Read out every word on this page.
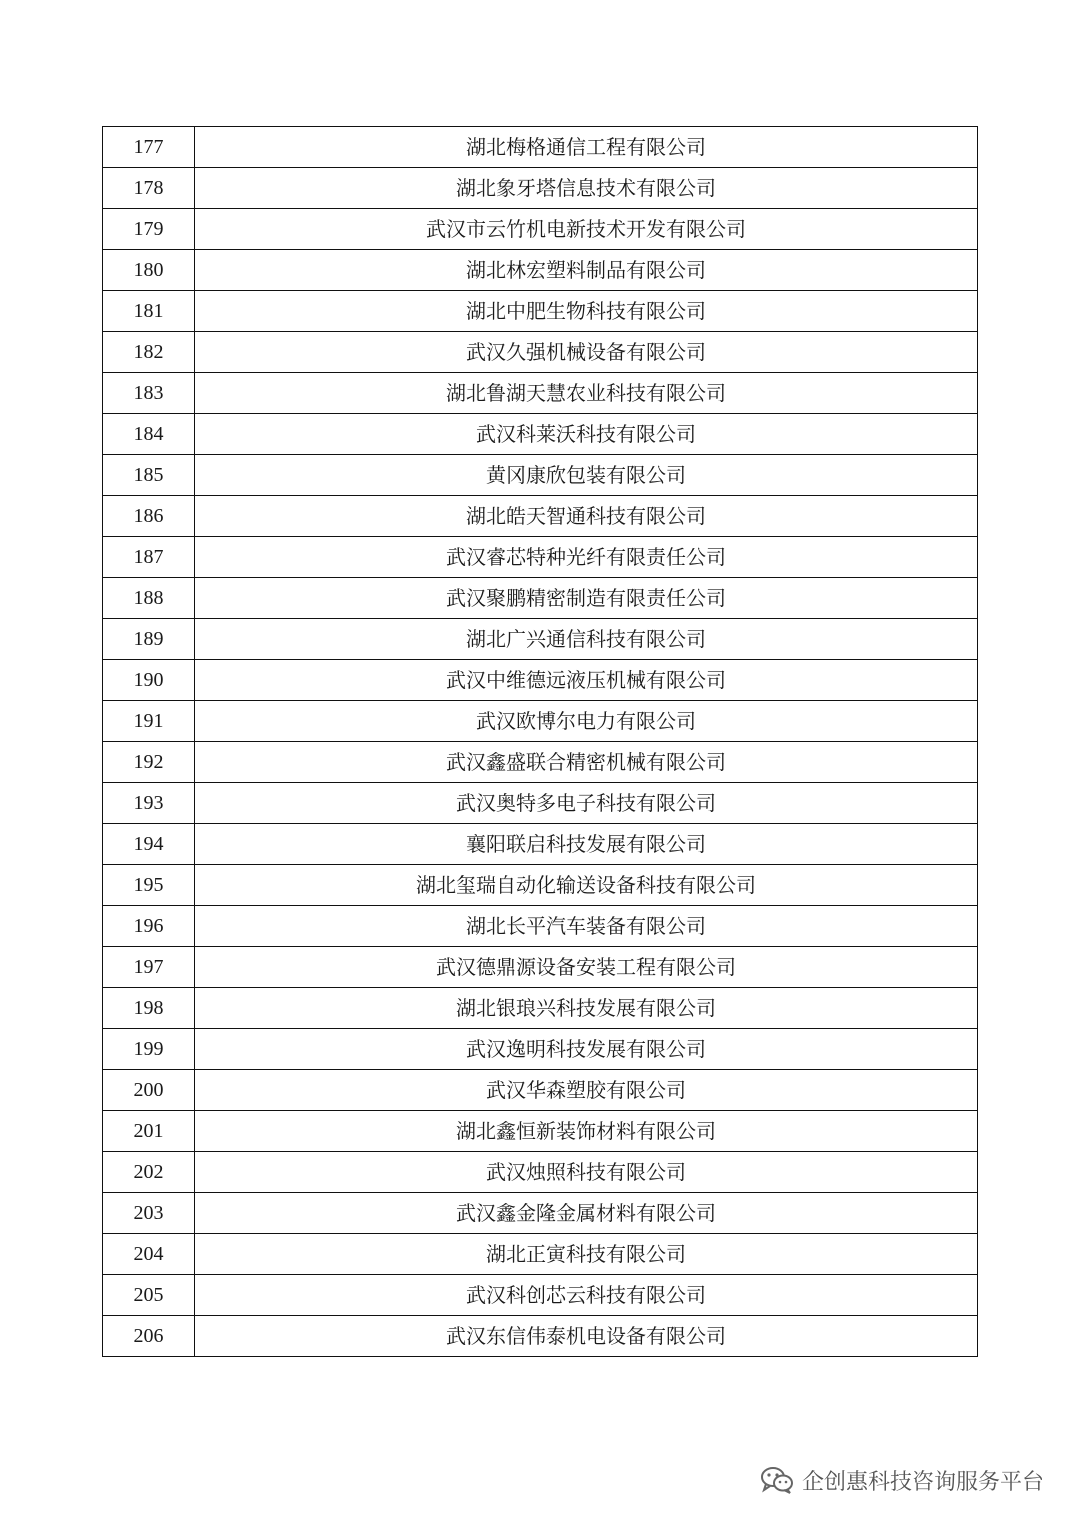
177	湖北梅格通信工程有限公司
178	湖北象牙塔信息技术有限公司
179	武汉市云竹机电新技术开发有限公司
180	湖北林宏塑料制品有限公司
181	湖北中肥生物科技有限公司
182	武汉久强机械设备有限公司
183	湖北鲁湖天慧农业科技有限公司
184	武汉科莱沃科技有限公司
185	黄冈康欣包装有限公司
186	湖北皓天智通科技有限公司
187	武汉睿芯特种光纤有限责任公司
188	武汉聚鹏精密制造有限责任公司
189	湖北广兴通信科技有限公司
190	武汉中维德远液压机械有限公司
191	武汉欧博尔电力有限公司
192	武汉鑫盛联合精密机械有限公司
193	武汉奥特多电子科技有限公司
194	襄阳联启科技发展有限公司
195	湖北玺瑞自动化输送设备科技有限公司
196	湖北长平汽车装备有限公司
197	武汉德鼎源设备安装工程有限公司
198	湖北银琅兴科技发展有限公司
199	武汉逸明科技发展有限公司
200	武汉华森塑胶有限公司
201	湖北鑫恒新装饰材料有限公司
202	武汉烛照科技有限公司
203	武汉鑫金隆金属材料有限公司
204	湖北正寅科技有限公司
205	武汉科创芯云科技有限公司
206	武汉东信伟泰机电设备有限公司
企创惠科技咨询服务平台
